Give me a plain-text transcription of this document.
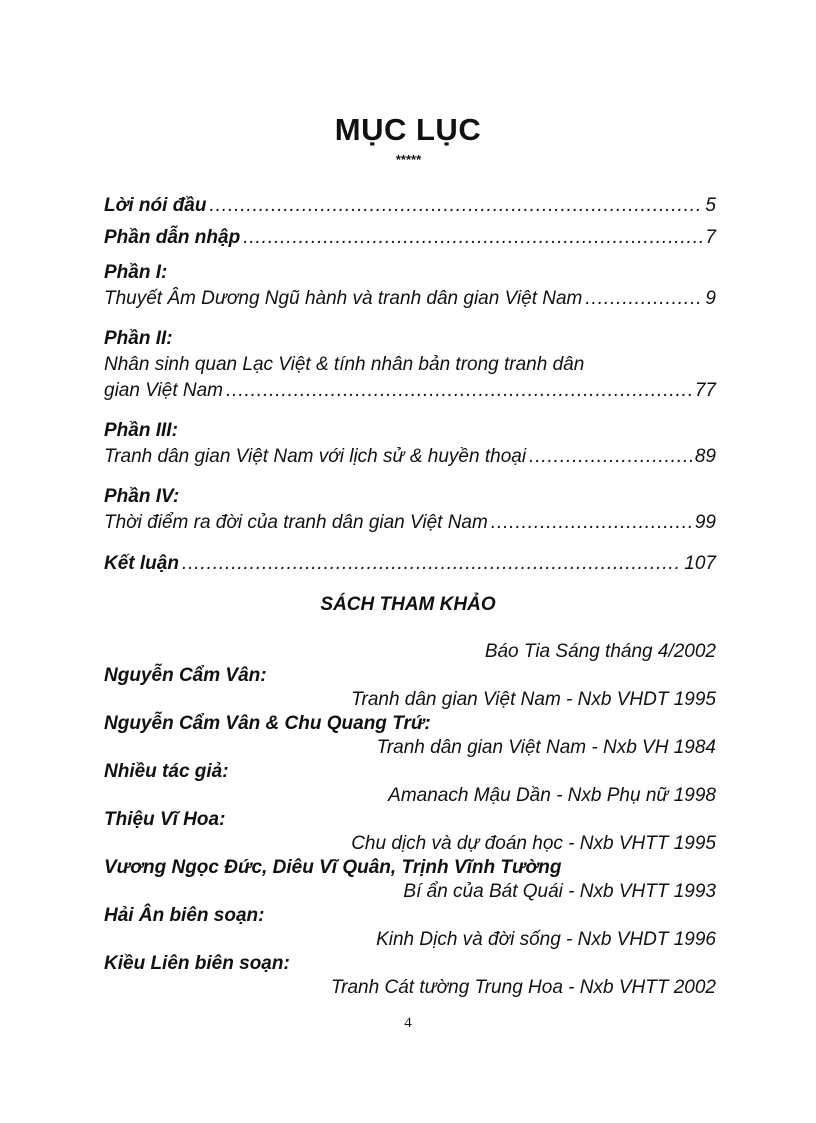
MỤC LỤC
*****
Lời nói đầu . . .	5
Phần dẫn nhập . . .	7
Phần I:
Thuyết Âm Dương Ngũ hành và tranh dân gian Việt Nam . . .	9
Phần II:
Nhân sinh quan Lạc Việt & tính nhân bản trong tranh dân
gian Việt Nam . . .	77
Phần III:
Tranh dân gian Việt Nam với lịch sử & huyền thoại . . .	89
Phần IV:
Thời điểm ra đời của tranh dân gian Việt Nam . . .	99
Kết luận . . .	107
SÁCH THAM KHẢO
Báo Tia Sáng tháng 4/2002
Nguyễn Cẩm Vân:
Tranh dân gian Việt Nam - Nxb VHDT 1995
Nguyễn Cẩm Vân & Chu Quang Trứ:
Tranh dân gian Việt Nam - Nxb VH 1984
Nhiều tác giả:
Amanach Mậu Dần - Nxb Phụ nữ 1998
Thiệu Vĩ Hoa:
Chu dịch và dự đoán học - Nxb VHTT 1995
Vương Ngọc Đức, Diêu Vĩ Quân, Trịnh Vĩnh Tường
Bí ẩn của Bát Quái - Nxb VHTT 1993
Hải Ân biên soạn:
Kinh Dịch và đời sống - Nxb VHDT 1996
Kiều Liên biên soạn:
Tranh Cát tường Trung Hoa - Nxb VHTT 2002
4
